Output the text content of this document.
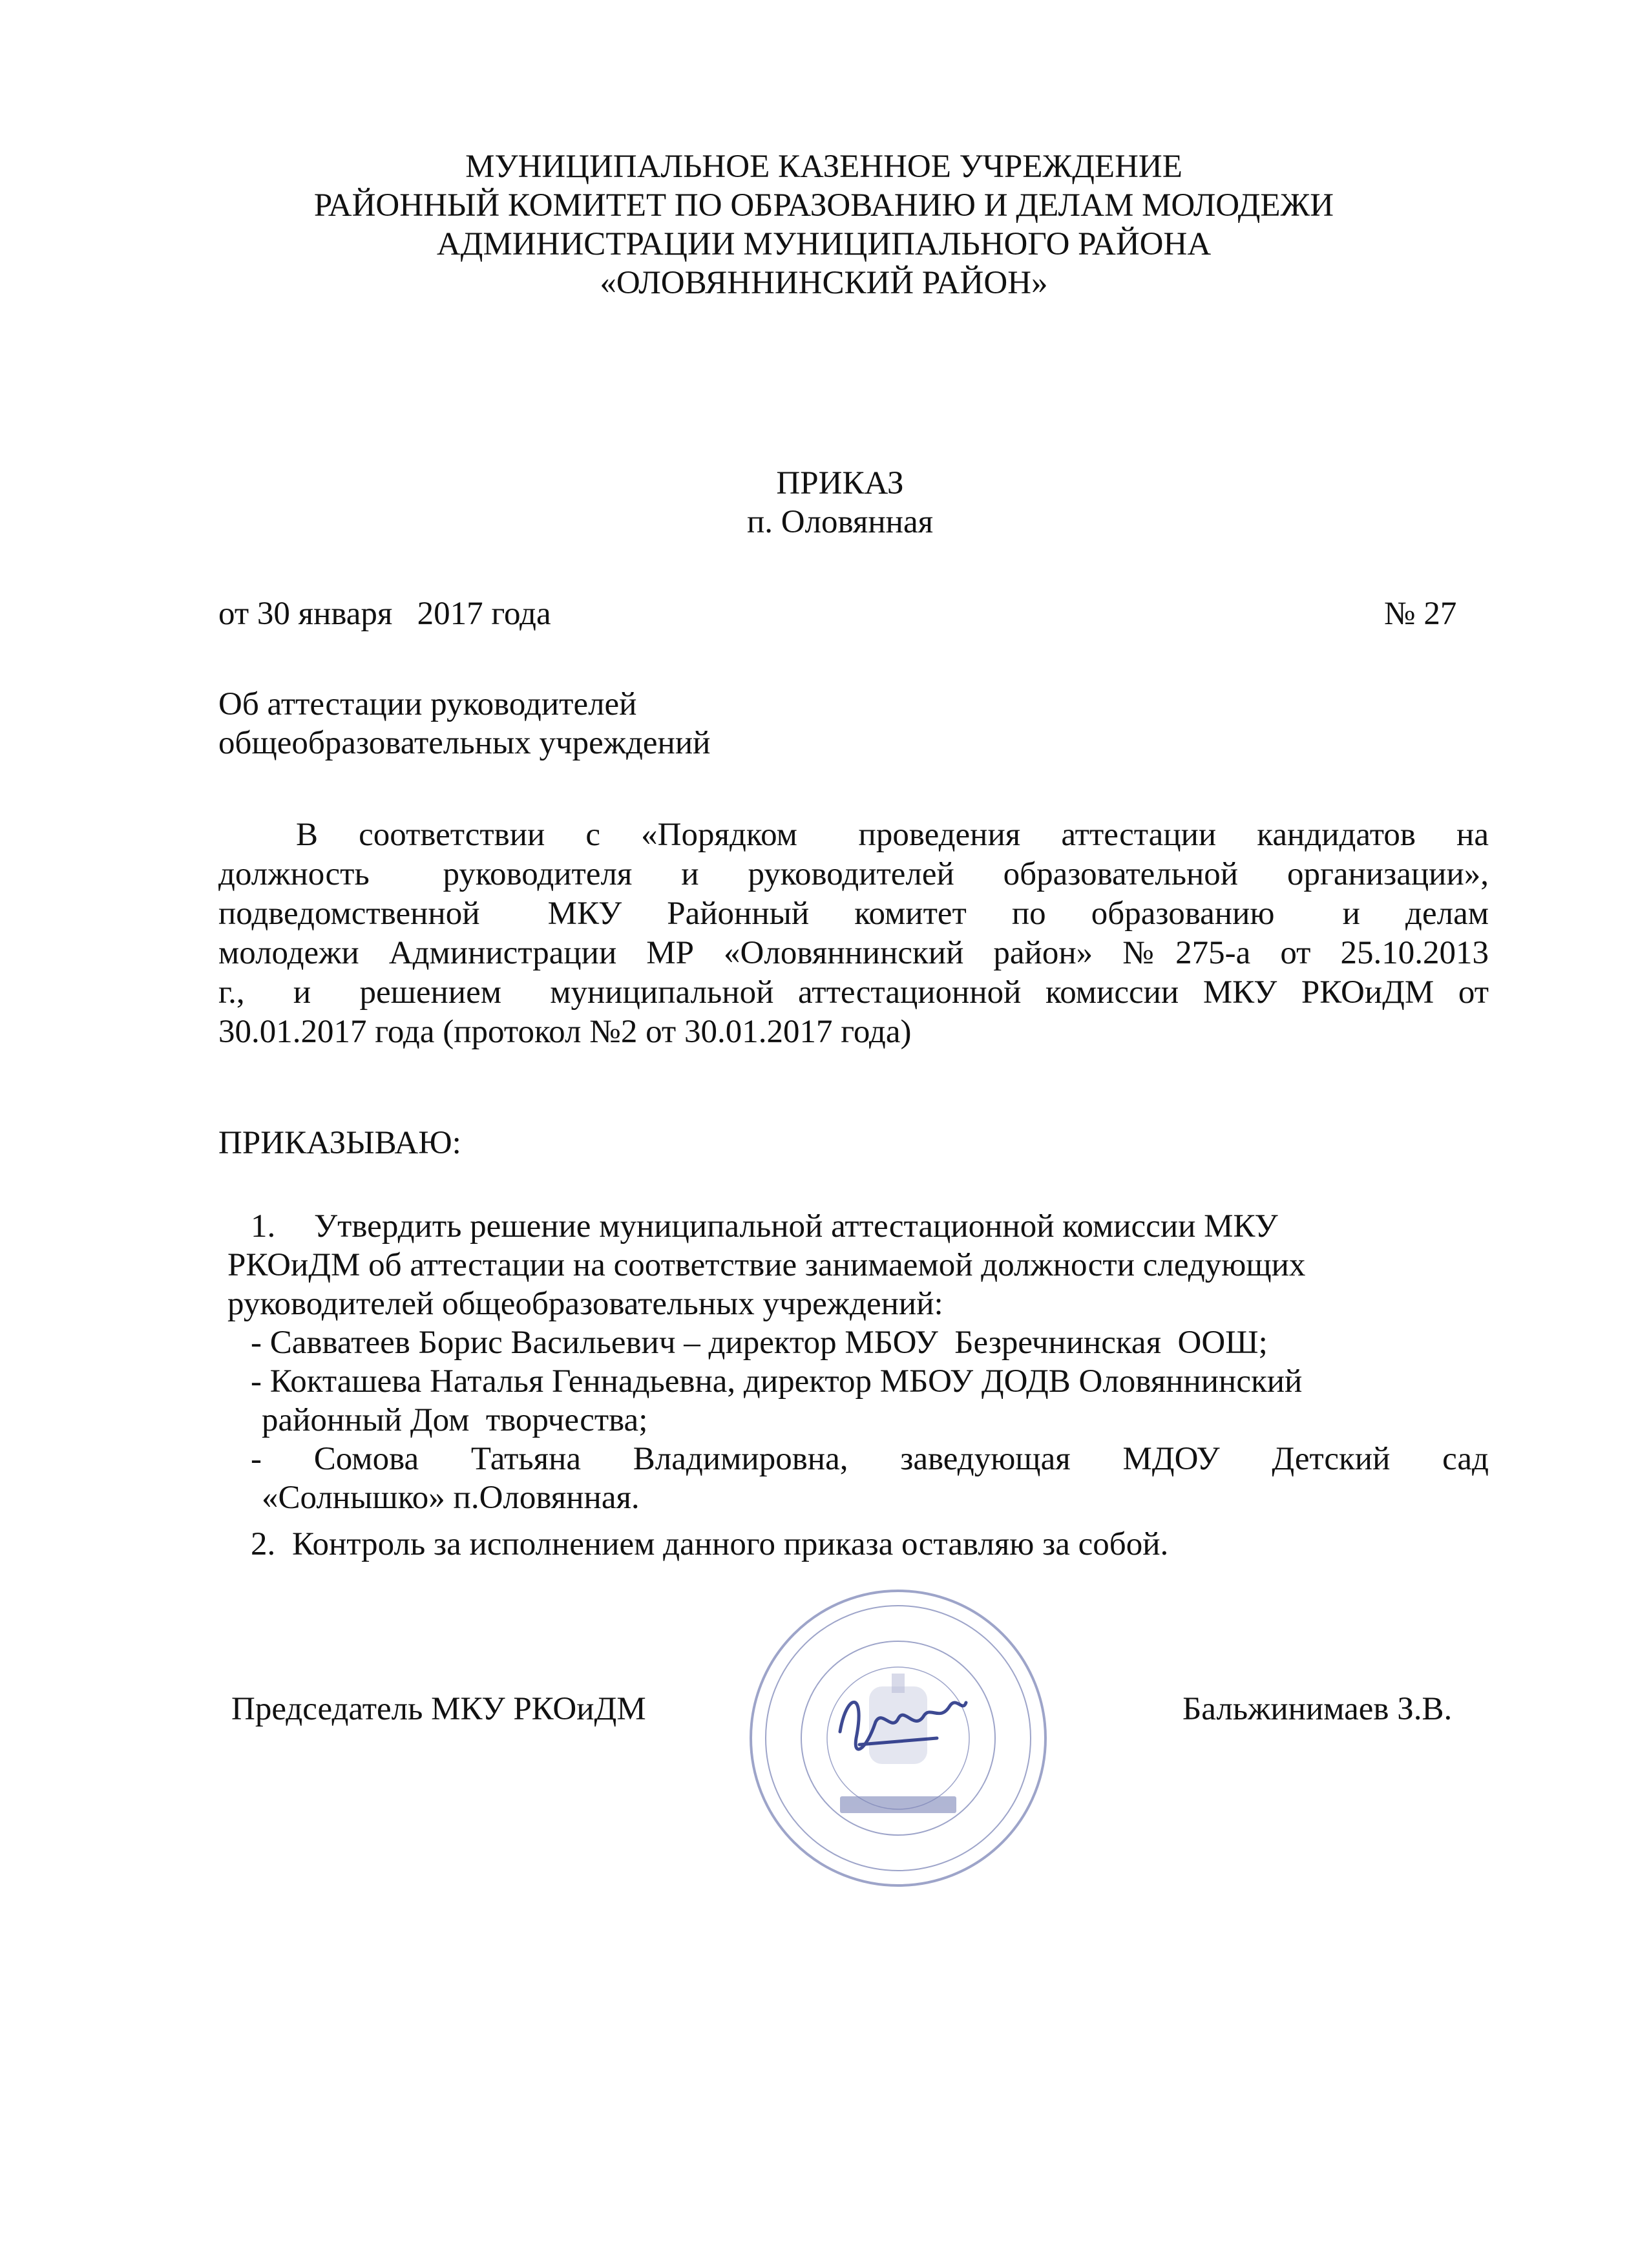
МУНИЦИПАЛЬНОЕ КАЗЕННОЕ УЧРЕЖДЕНИЕ
РАЙОННЫЙ КОМИТЕТ ПО ОБРАЗОВАНИЮ И ДЕЛАМ МОЛОДЕЖИ
АДМИНИСТРАЦИИ МУНИЦИПАЛЬНОГО РАЙОНА
«ОЛОВЯННИНСКИЙ РАЙОН»
ПРИКАЗ
п. Оловянная
от 30 января   2017 года	№ 27
Об аттестации руководителей
общеобразовательных учреждений
В  соответствии  с  «Порядком   проведения  аттестации  кандидатов  на
должность   руководителя  и  руководителей  образовательной  организации»,
подведомственной   МКУ  Районный  комитет  по  образованию   и  делам
молодежи Администрации МР «Оловяннинский район» №275-а от 25.10.2013
г.,  и  решением  муниципальной аттестационной комиссии МКУ РКОиДМ от
30.01.2017 года (протокол №2 от 30.01.2017 года)
ПРИКАЗЫВАЮ:
1. Утвердить решение муниципальной аттестационной комиссии МКУ
РКОиДМ об аттестации на соответствие занимаемой должности следующих
руководителей общеобразовательных учреждений:
- Савватеев Борис Васильевич – директор МБОУ  Безречнинская  ООШ;
- Кокташева Наталья Геннадьевна, директор МБОУ ДОДВ Оловяннинский
районный Дом  творчества;
-  Сомова  Татьяна  Владимировна,  заведующая  МДОУ  Детский  сад
«Солнышко» п.Оловянная.
2. Контроль за исполнением данного приказа оставляю за собой.
Председатель МКУ РКОиДМ	Бальжинимаев З.В.
